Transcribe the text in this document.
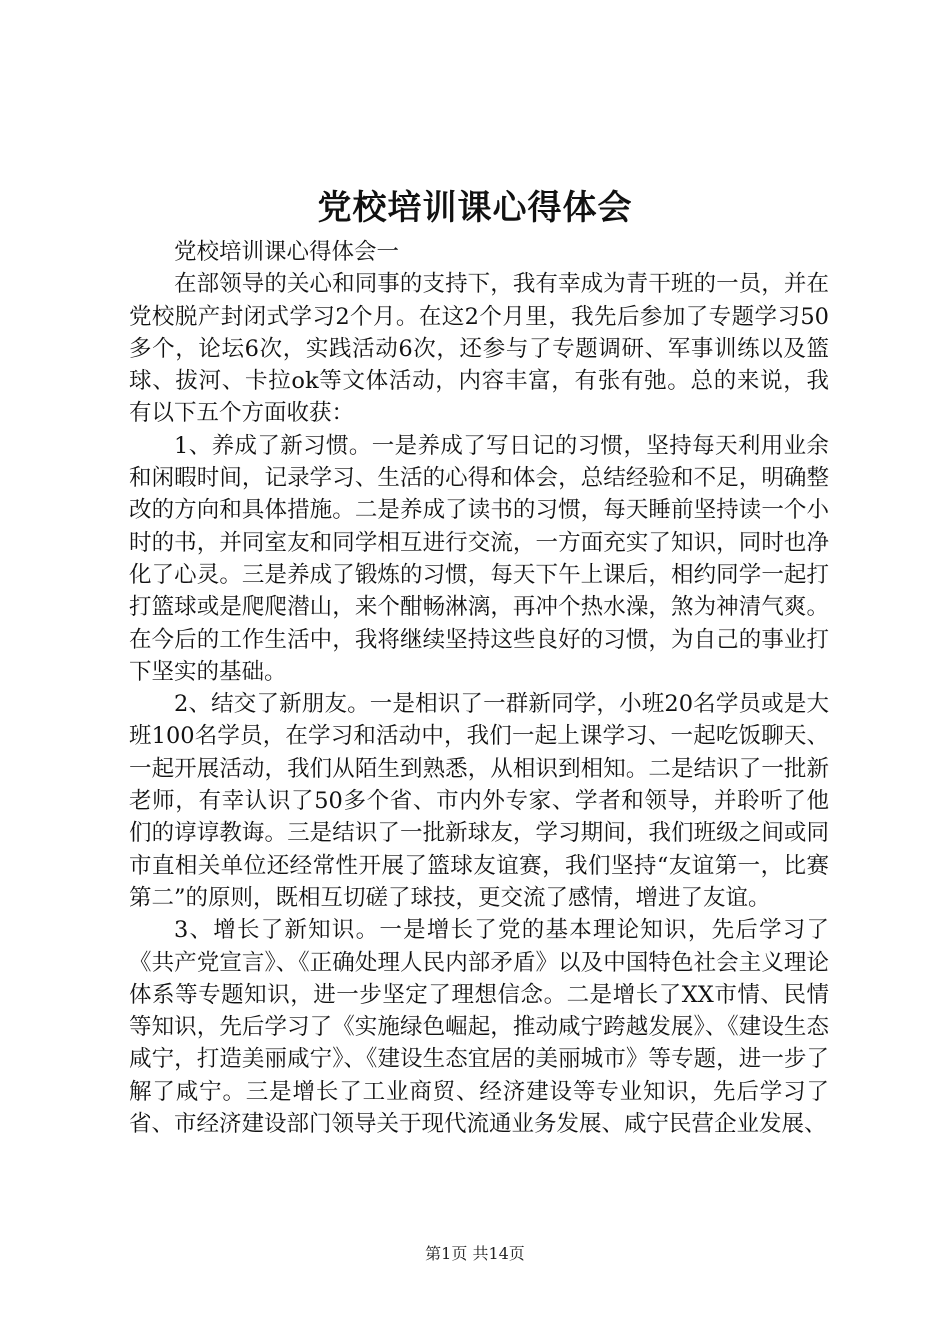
党校培训课心得体会

党校培训课心得体会一

在部领导的关心和同事的支持下，我有幸成为青干班的一员，并在党校脱产封闭式学习2个月。在这2个月里，我先后参加了专题学习50多个，论坛6次，实践活动6次，还参与了专题调研、军事训练以及篮球、拔河、卡拉ok等文体活动，内容丰富，有张有弛。总的来说，我有以下五个方面收获：

1、养成了新习惯。一是养成了写日记的习惯，坚持每天利用业余和闲暇时间，记录学习、生活的心得和体会，总结经验和不足，明确整改的方向和具体措施。二是养成了读书的习惯，每天睡前坚持读一个小时的书，并同室友和同学相互进行交流，一方面充实了知识，同时也净化了心灵。三是养成了锻炼的习惯，每天下午上课后，相约同学一起打打篮球或是爬爬潜山，来个酣畅淋漓，再冲个热水澡，煞为神清气爽。在今后的工作生活中，我将继续坚持这些良好的习惯，为自己的事业打下坚实的基础。

2、结交了新朋友。一是相识了一群新同学，小班20名学员或是大班100名学员，在学习和活动中，我们一起上课学习、一起吃饭聊天、一起开展活动，我们从陌生到熟悉，从相识到相知。二是结识了一批新老师，有幸认识了50多个省、市内外专家、学者和领导，并聆听了他们的谆谆教诲。三是结识了一批新球友，学习期间，我们班级之间或同市直相关单位还经常性开展了篮球友谊赛，我们坚持“友谊第一，比赛第二”的原则，既相互切磋了球技，更交流了感情，增进了友谊。

3、增长了新知识。一是增长了党的基本理论知识，先后学习了《共产党宣言》、《正确处理人民内部矛盾》以及中国特色社会主义理论体系等专题知识，进一步坚定了理想信念。二是增长了XX市情、民情等知识，先后学习了《实施绿色崛起，推动咸宁跨越发展》、《建设生态咸宁，打造美丽咸宁》、《建设生态宜居的美丽城市》等专题，进一步了解了咸宁。三是增长了工业商贸、经济建设等专业知识，先后学习了省、市经济建设部门领导关于现代流通业务发展、咸宁民营企业发展、

第1页 共14页
